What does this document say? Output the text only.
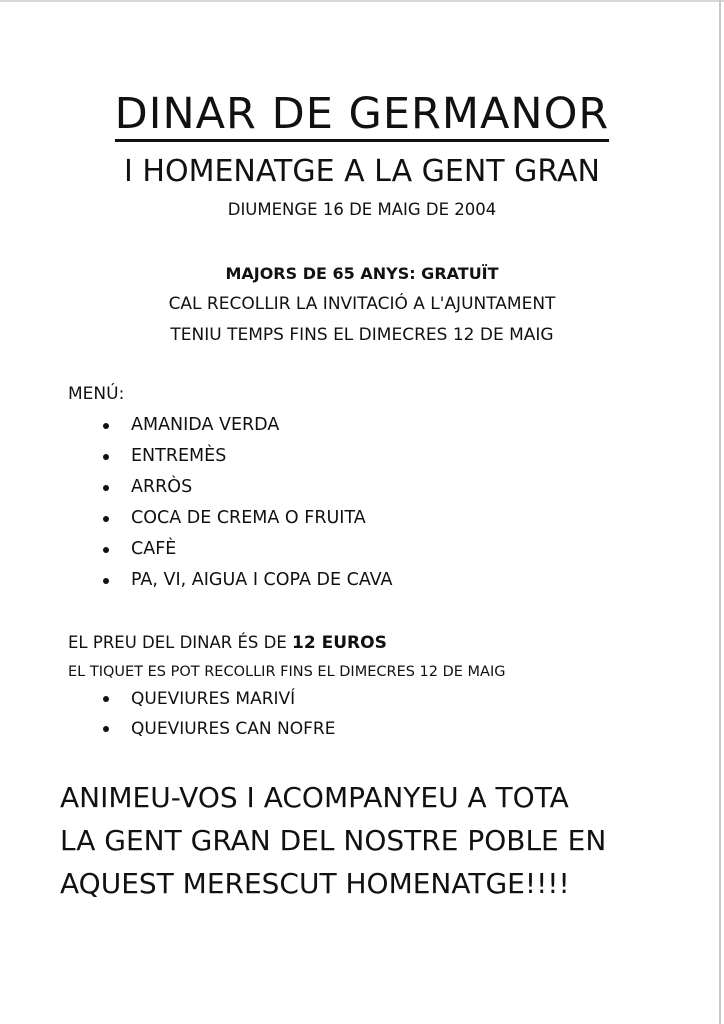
DINAR DE GERMANOR
I HOMENATGE A LA GENT GRAN
DIUMENGE 16 DE MAIG DE 2004
MAJORS DE 65 ANYS: GRATUÏT
CAL RECOLLIR LA INVITACIÓ A L'AJUNTAMENT
TENIU TEMPS FINS EL DIMECRES 12 DE MAIG
MENÚ:
AMANIDA VERDA
ENTREMÈS
ARRÒS
COCA DE CREMA O FRUITA
CAFÈ
PA, VI, AIGUA I COPA DE CAVA
EL PREU DEL DINAR ÉS DE 12 EUROS
EL TIQUET ES POT RECOLLIR FINS EL DIMECRES 12 DE MAIG
QUEVIURES MARIVÍ
QUEVIURES CAN NOFRE
ANIMEU-VOS I ACOMPANYEU A TOTA
LA GENT GRAN DEL NOSTRE POBLE EN
AQUEST MERESCUT HOMENATGE!!!!
